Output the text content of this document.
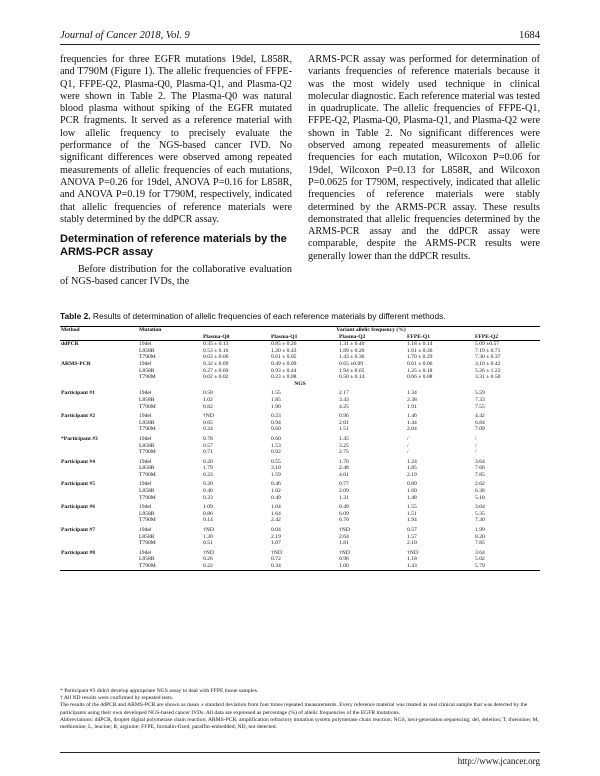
Journal of Cancer 2018, Vol. 9	1684

frequencies for three EGFR mutations 19del, L858R, and T790M (Figure 1). The allelic frequencies of FFPE-Q1, FFPE-Q2, Plasma-Q0, Plasma-Q1, and Plasma-Q2 were shown in Table 2. The Plasma-Q0 was natural blood plasma without spiking of the EGFR mutated PCR fragments. It served as a reference material with low allelic frequency to precisely evaluate the performance of the NGS-based cancer IVD. No significant differences were observed among repeated measurements of allelic frequencies of each mutations, ANOVA P=0.26 for 19del, ANOVA P=0.16 for L858R, and ANOVA P=0.19 for T790M, respectively, indicated that allelic frequencies of reference materials were stably determined by the ddPCR assay.

Determination of reference materials by the ARMS-PCR assay

Before distribution for the collaborative evaluation of NGS-based cancer IVDs, the

ARMS-PCR assay was performed for determination of variants frequencies of reference materials because it was the most widely used technique in clinical molecular diagnostic. Each reference material was tested in quadruplicate. The allelic frequencies of FFPE-Q1, FFPE-Q2, Plasma-Q0, Plasma-Q1, and Plasma-Q2 were shown in Table 2. No significant differences were observed among repeated measurements of allelic frequencies for each mutation, Wilcoxon P=0.06 for 19del, Wilcoxon P=0.13 for L858R, and Wilcoxon P=0.0625 for T790M, respectively, indicated that allelic frequencies of reference materials were stably determined by the ARMS-PCR assay. These results demonstrated that allelic frequencies determined by the ARMS-PCR assay and the ddPCR assay were comparable, despite the ARMS-PCR results were generally lower than the ddPCR results.

Table 2. Results of determination of allelic frequencies of each reference materials by different methods.
Method	Mutation	Variant allelic frequency (%)				
		Plasma-Q0	Plasma-Q1	Plasma-Q2	FFPE-Q1	FFPE-Q2
ddPCR	19del	0.35 ± 0.13	0.85 ± 0.26	1.31 ± 0.40	1.18 ± 0.14	5.09 ±0.57
	L858R	0.53 ± 0.16	1.20 ± 0.43	1.89 ± 0.20	1.61 ± 0.36	7.19 ± 0.71
	T790M	0.03 ± 0.06	0.61 ± 0.05	1.43 ± 0.36	1.70 ± 0.29	7.30 ± 0.37
ARMS-PCR	19del	0.32 ± 0.09	0.49 ± 0.09	0.65 ±0.09	0.61 ± 0.06	3.10 ± 0.42
	L858R	0.27 ± 0.09	0.93 ± 0.44	1.94 ± 0.65	1.25 ± 0.18	5.26 ± 1.23
	T790M	0.02 ± 0.02	0.23 ± 0.08	0.50 ± 0.14	0.66 ± 0.08	3.31 ± 0.50
NGS						
Participant #1	19del	0.58	1.55	2.17	1.34	5.59
	L858R	1.02	1.85	3.43	2.38	7.33
	T790M	0.82	1.90	4.25	1.91	7.55
Participant #2	19del	†ND	0.23	0.96	1.46	4.42
	L858R	0.65	0.94	2.01	1.44	6.84
	T790M	0.24	0.60	1.51	2.04	7.09
*Participant #3	19del	0.78	0.60	1.45	/	/
	L858R	0.57	1.53	3.25	/	/
	T790M	0.71	0.92	2.75	/	/
Participant #4	19del	0.20	0.55	1.70	1.24	3.64
	L858R	1.79	3.10	2.48	1.85	7.66
	T790M	0.23	1.59	4.01	2.19	7.85
Participant #5	19del	0.20	0.46	0.77	0.89	2.62
	L858R	0.40	1.02	2.09	1.60	6.38
	T790M	0.23	0.49	1.31	1.48	5.18
Participant #6	19del	1.09	1.04	0.49	1.55	3.04
	L858R	0.86	1.64	6.09	1.51	5.35
	T790M	0.14	2.42	6.70	1.94	7.30
Participant #7	19del	†ND	0.04	†ND	0.57	1.99
	L858R	1.30	2.19	2.64	1.57	8.20
	T790M	0.51	1.07	1.81	2.10	7.85
Participant #8	19del	†ND	†ND	†ND	†ND	3.64
	L858R	0.26	0.72	0.96	1.18	5.02
	T790M	0.22	0.34	1.00	1.43	5.79

* Participant #3 didn't develop appropriate NGS assay to deal with FFPE tissue samples.

† All ND results were confirmed by repeated tests.

The results of the ddPCR and ARMS-PCR are shown as mean ± standard deviation from four times repeated measurements. Every reference material was treated as real clinical sample that was detected by the participants using their own developed NGS-based cancer IVDs. All data are expressed as percentage (%) of allelic frequencies of the EGFR mutations.

Abbreviations: ddPCR, droplet digital polymerase chain reaction; ARMS-PCR, amplification refractory mutation system polymerase chain reaction; NGS, next-generation sequencing; del, deletion; T, threonine; M, methionine; L, leucine; R, arginine; FFPE, formalin-fixed, paraffin-embedded; ND, not detected.

http://www.jcancer.org
